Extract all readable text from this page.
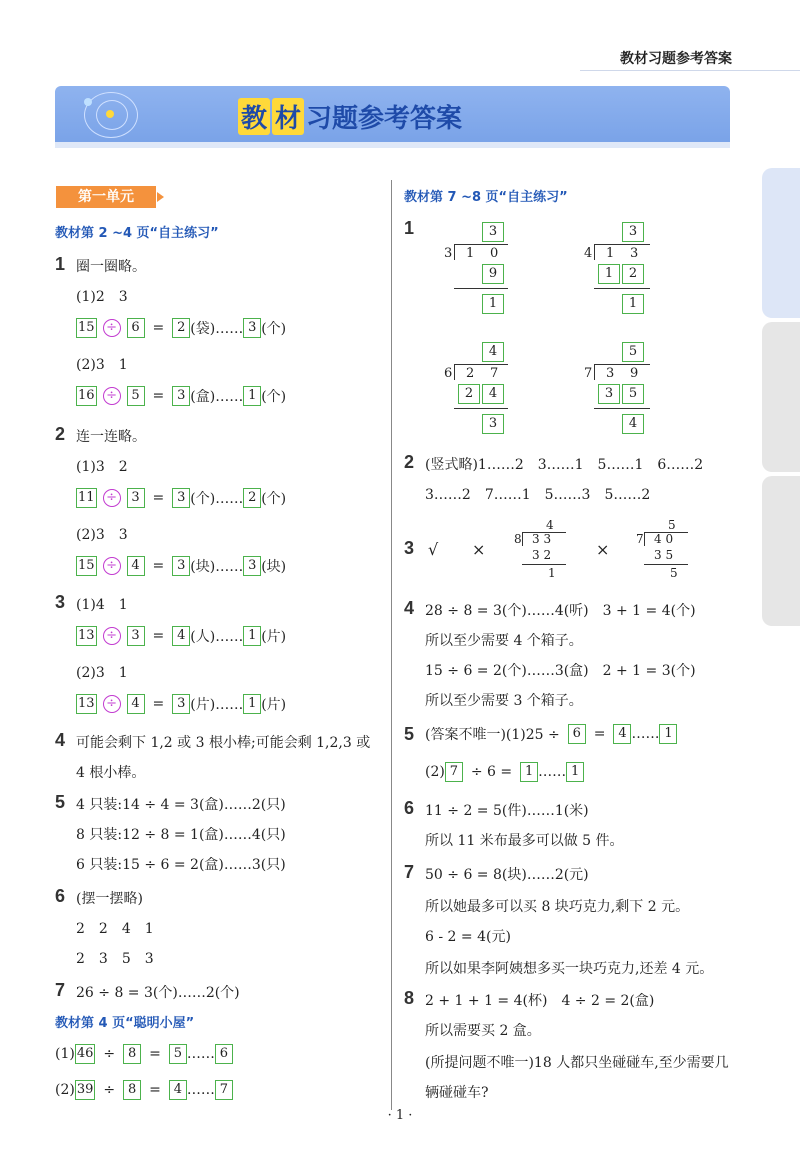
教材习题参考答案
教 材 习题参考答案
第一单元
教材第 2 ~4 页“自主练习”
1 圈一圈略。
(1)2　3
15 ÷	6 = 2 (袋)…… 3 (个)
(2)3　1
16 ÷	5 = 3 (盒)…… 1 (个)
2 连一连略。
(1)3　2
11 ÷	3 = 3 (个)…… 2 (个)
(2)3　3
15 ÷	4 = 3 (块)…… 3 (块)
3 (1)4　1
13 ÷	3 = 4 (人)…… 1 (片)
(2)3　1
13 ÷	4 = 3 (片)…… 1 (片)
4 可能会剩下 1,2 或 3 根小棒;可能会剩 1,2,3 或
4 根小棒。
5 4 只装:14 ÷ 4 = 3(盒)……2(只)
8 只装:12 ÷ 8 = 1(盒)……4(只)
6 只装:15 ÷ 6 = 2(盒)……3(只)
6 (摆一摆略)
2　2　4　1
2　3　5　3
7 26 ÷ 8 = 3(个)……2(个)
教材第 4 页“聪明小屋”
(1) 46 ÷ 8 = 5 …… 6
(2) 39 ÷ 8 = 4 …… 7
教材第 7 ~8 页“自主练习”
1	3
3 1 0
9
1
3
4 1 3
1	2
1
4
6 2 7
2	4
3
5
7 3 9
3	5
4
2 (竖式略)1……2　3……1　5……1　6……2
3……2　7……1　5……3　5……2
3 √ ×
4
8 3 3
3 2
1
×
5
7 4 0
3 5
5
4 28 ÷ 8 = 3(个)……4(听)　3 + 1 = 4(个)
所以至少需要 4 个箱子。
15 ÷ 6 = 2(个)……3(盒)　2 + 1 = 3(个)
所以至少需要 3 个箱子。
5 (答案不唯一)(1)25 ÷ 6 = 4 …… 1
(2) 7 ÷ 6 = 1 …… 1
6 11 ÷ 2 = 5(件)……1(米)
所以 11 米布最多可以做 5 件。
7 50 ÷ 6 = 8(块)……2(元)
所以她最多可以买 8 块巧克力,剩下 2 元。
6 - 2 = 4(元)
所以如果李阿姨想多买一块巧克力,还差 4 元。
8 2 + 1 + 1 = 4(杯)　4 ÷ 2 = 2(盒)
所以需要买 2 盒。
(所提问题不唯一)18 人都只坐碰碰车,至少需要几
辆碰碰车?
· 1 ·
